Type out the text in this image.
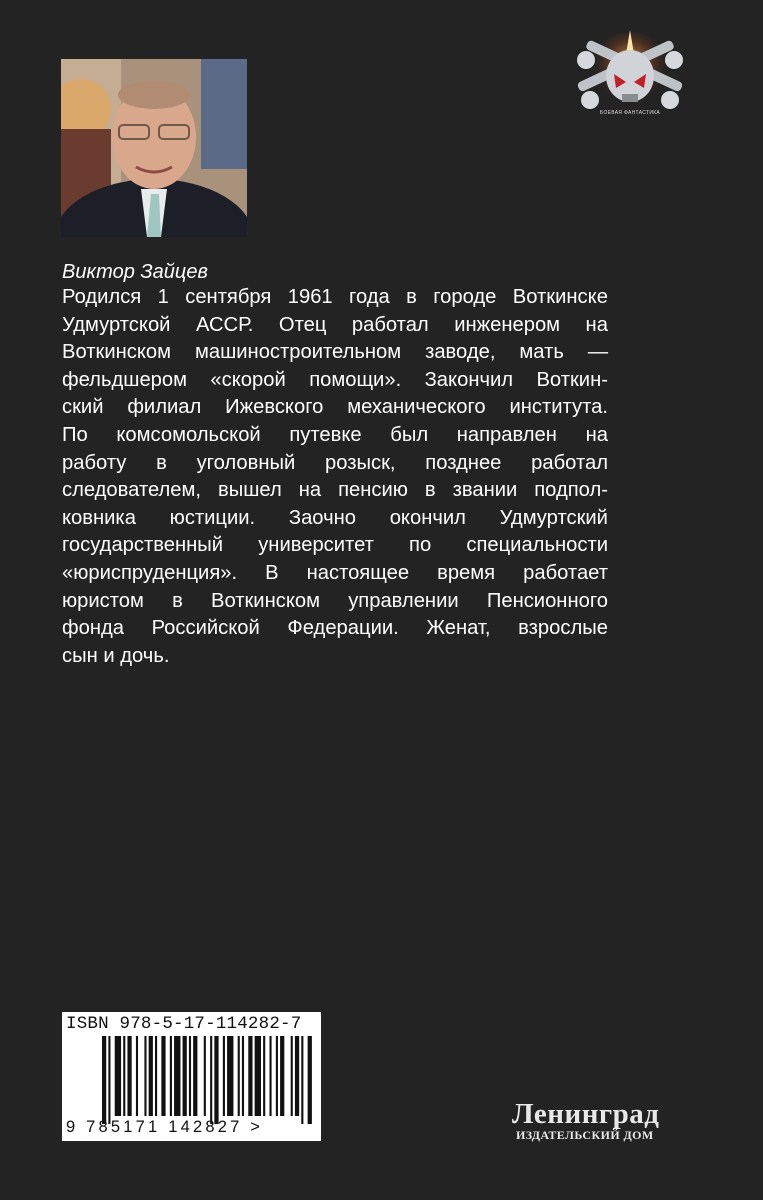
БОЕВАЯ ФАНТАСТИКА
Виктор Зайцев
Родился 1 сентября 1961 года в городе Воткинске
Удмуртской АССР. Отец работал инженером на
Воткинском машиностроительном заводе, мать —
фельдшером «скорой помощи». Закончил Воткин-
ский филиал Ижевского механического института.
По комсомольской путевке был направлен на
работу в уголовный розыск, позднее работал
следователем, вышел на пенсию в звании подпол-
ковника юстиции. Заочно окончил Удмуртский
государственный университет по специальности
«юриспруденция». В настоящее время работает
юристом в Воткинском управлении Пенсионного
фонда Российской Федерации. Женат, взрослые
сын и дочь.
ISBN 978-5-17-114282-7
9 785171 142827 >	Ленинград
ИЗДАТЕЛЬСКИЙ ДОМ
